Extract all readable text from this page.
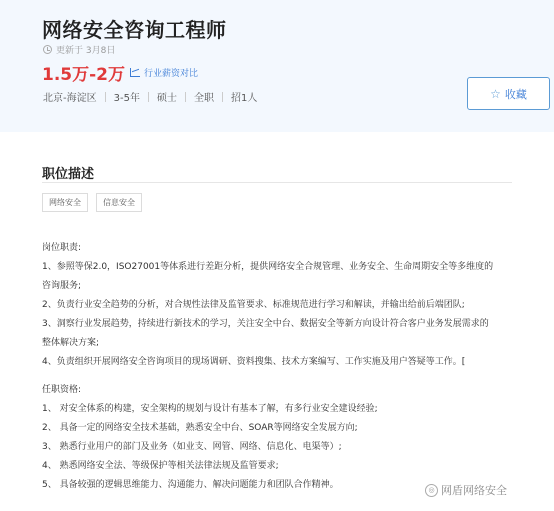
网络安全咨询工程师
更新于 3月8日
1.5万-2万 行业薪资对比
北京-海淀区 3-5年 硕士 全职 招1人	☆ 收藏
职位描述
网络安全	信息安全
岗位职责:
1、参照等保2.0，ISO27001等体系进行差距分析，提供网络安全合规管理、业务安全、生命周期安全等多维度的
咨询服务;
2、负责行业安全趋势的分析，对合规性法律及监管要求、标准规范进行学习和解读，并输出给前后端团队;
3、洞察行业发展趋势，持续进行新技术的学习，关注安全中台、数据安全等新方向设计符合客户业务发展需求的
整体解决方案;
4、负责组织开展网络安全咨询项目的现场调研、资料搜集、技术方案编写、工作实施及用户答疑等工作。[
任职资格:
1、 对安全体系的构建，安全架构的规划与设计有基本了解，有多行业安全建设经验;
2、 具备一定的网络安全技术基础，熟悉安全中台、SOAR等网络安全发展方向;
3、 熟悉行业用户的部门及业务（如业支、网管、网络、信息化、电渠等）;
4、 熟悉网络安全法、等级保护等相关法律法规及监管要求;
5、 具备较强的逻辑思维能力、沟通能力、解决问题能力和团队合作精神。	◎ 网盾网络安全
